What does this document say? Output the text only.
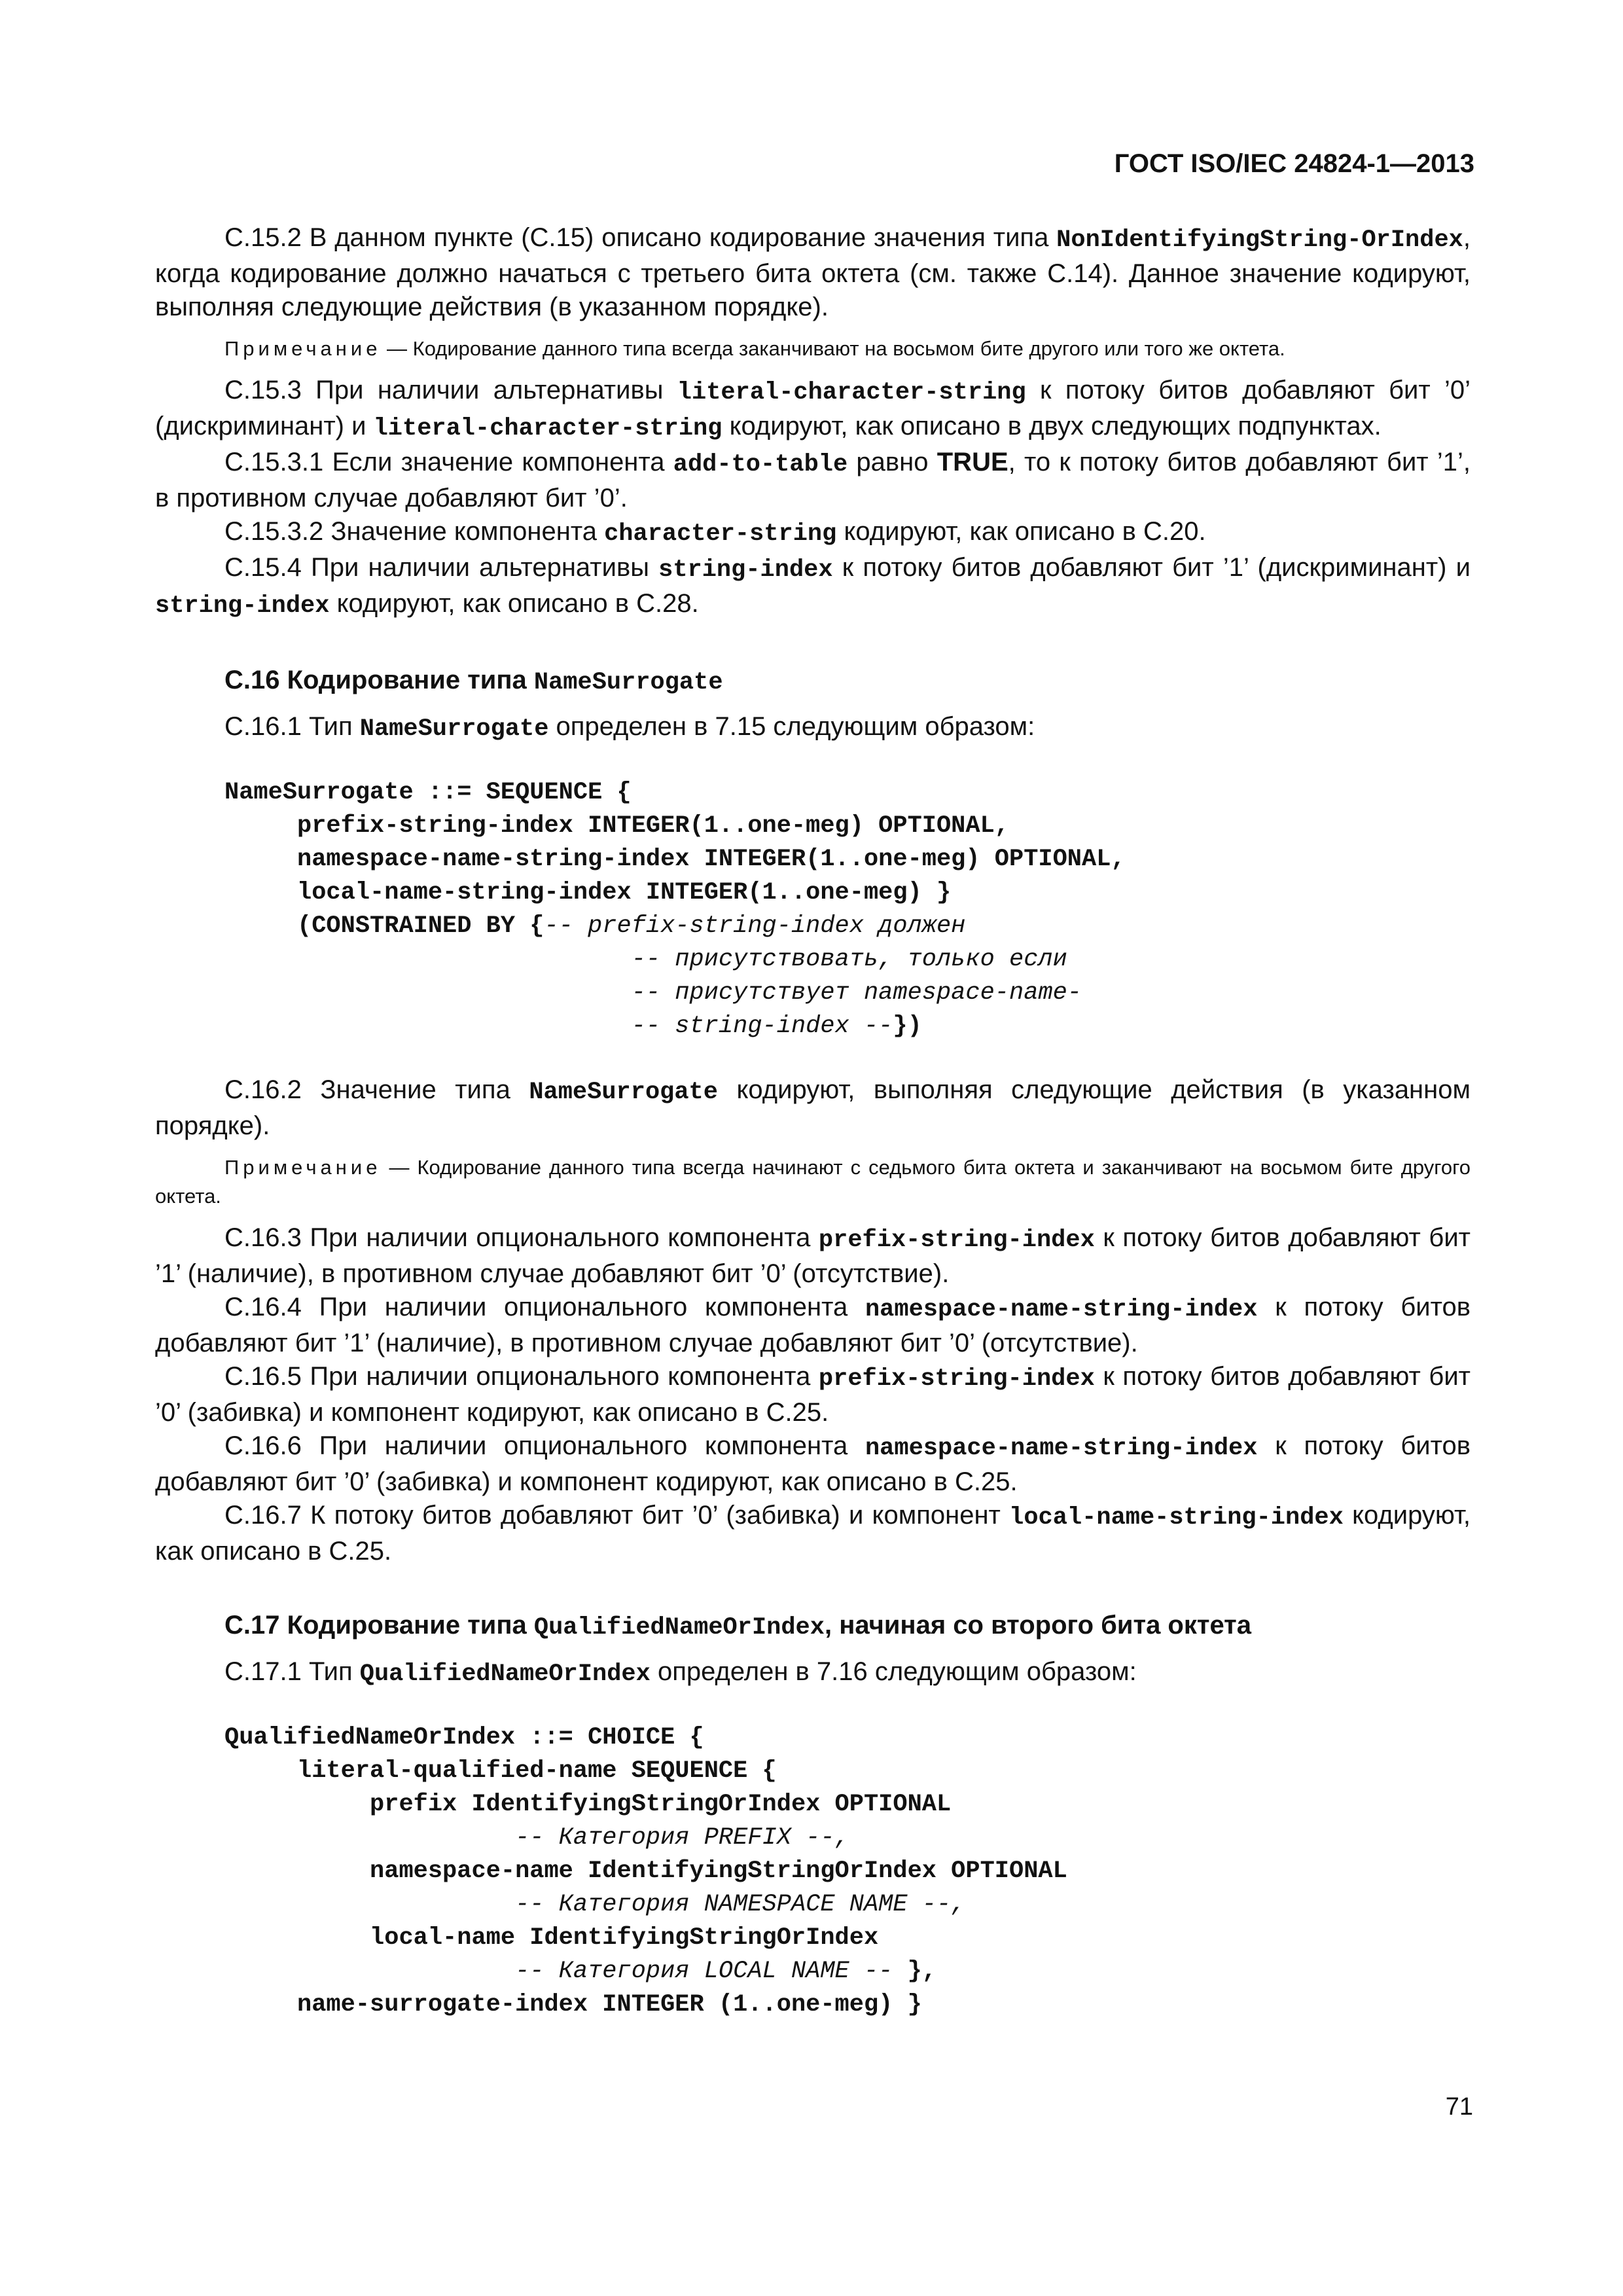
ГОСТ ISO/IEC 24824-1—2013

С.15.2 В данном пункте (С.15) описано кодирование значения типа NonIdentifyingString-OrIndex, когда кодирование должно начаться с третьего бита октета (см. также С.14). Данное значение кодируют, выполняя следующие действия (в указанном порядке).

Примечание — Кодирование данного типа всегда заканчивают на восьмом бите другого или того же октета.

С.15.3 При наличии альтернативы literal-character-string к потоку битов добавляют бит ’0’ (дискриминант) и literal-character-string кодируют, как описано в двух следующих подпунктах.

С.15.3.1 Если значение компонента add-to-table равно TRUE, то к потоку битов добавляют бит ’1’, в противном случае добавляют бит ’0’.

С.15.3.2 Значение компонента character-string кодируют, как описано в С.20.

С.15.4 При наличии альтернативы string-index к потоку битов добавляют бит ’1’ (дискриминант) и string-index кодируют, как описано в С.28.

С.16 Кодирование типа NameSurrogate

С.16.1 Тип NameSurrogate определен в 7.15 следующим образом:

NameSurrogate ::= SEQUENCE {
prefix-string-index INTEGER(1..one-meg) OPTIONAL,
namespace-name-string-index INTEGER(1..one-meg) OPTIONAL,
local-name-string-index INTEGER(1..one-meg) }
(CONSTRAINED BY {-- prefix-string-index должен
-- присутствовать, только если
-- присутствует namespace-name-
-- string-index --})

С.16.2 Значение типа NameSurrogate кодируют, выполняя следующие действия (в указанном порядке).

Примечание — Кодирование данного типа всегда начинают с седьмого бита октета и заканчивают на восьмом бите другого октета.

С.16.3 При наличии опционального компонента prefix-string-index к потоку битов добавляют бит ’1’ (наличие), в противном случае добавляют бит ’0’ (отсутствие).

С.16.4 При наличии опционального компонента namespace-name-string-index к потоку битов добавляют бит ’1’ (наличие), в противном случае добавляют бит ’0’ (отсутствие).

С.16.5 При наличии опционального компонента prefix-string-index к потоку битов добавляют бит ’0’ (забивка) и компонент кодируют, как описано в С.25.

С.16.6 При наличии опционального компонента namespace-name-string-index к потоку битов добавляют бит ’0’ (забивка) и компонент кодируют, как описано в С.25.

С.16.7 К потоку битов добавляют бит ’0’ (забивка) и компонент local-name-string-index кодируют, как описано в С.25.

С.17 Кодирование типа QualifiedNameOrIndex, начиная со второго бита октета

С.17.1 Тип QualifiedNameOrIndex определен в 7.16 следующим образом:

QualifiedNameOrIndex ::= CHOICE {
literal-qualified-name SEQUENCE {
prefix IdentifyingStringOrIndex OPTIONAL
-- Категория PREFIX --,
namespace-name IdentifyingStringOrIndex OPTIONAL
-- Категория NAMESPACE NAME --,
local-name IdentifyingStringOrIndex
-- Категория LOCAL NAME -- },
name-surrogate-index INTEGER (1..one-meg) }
71
